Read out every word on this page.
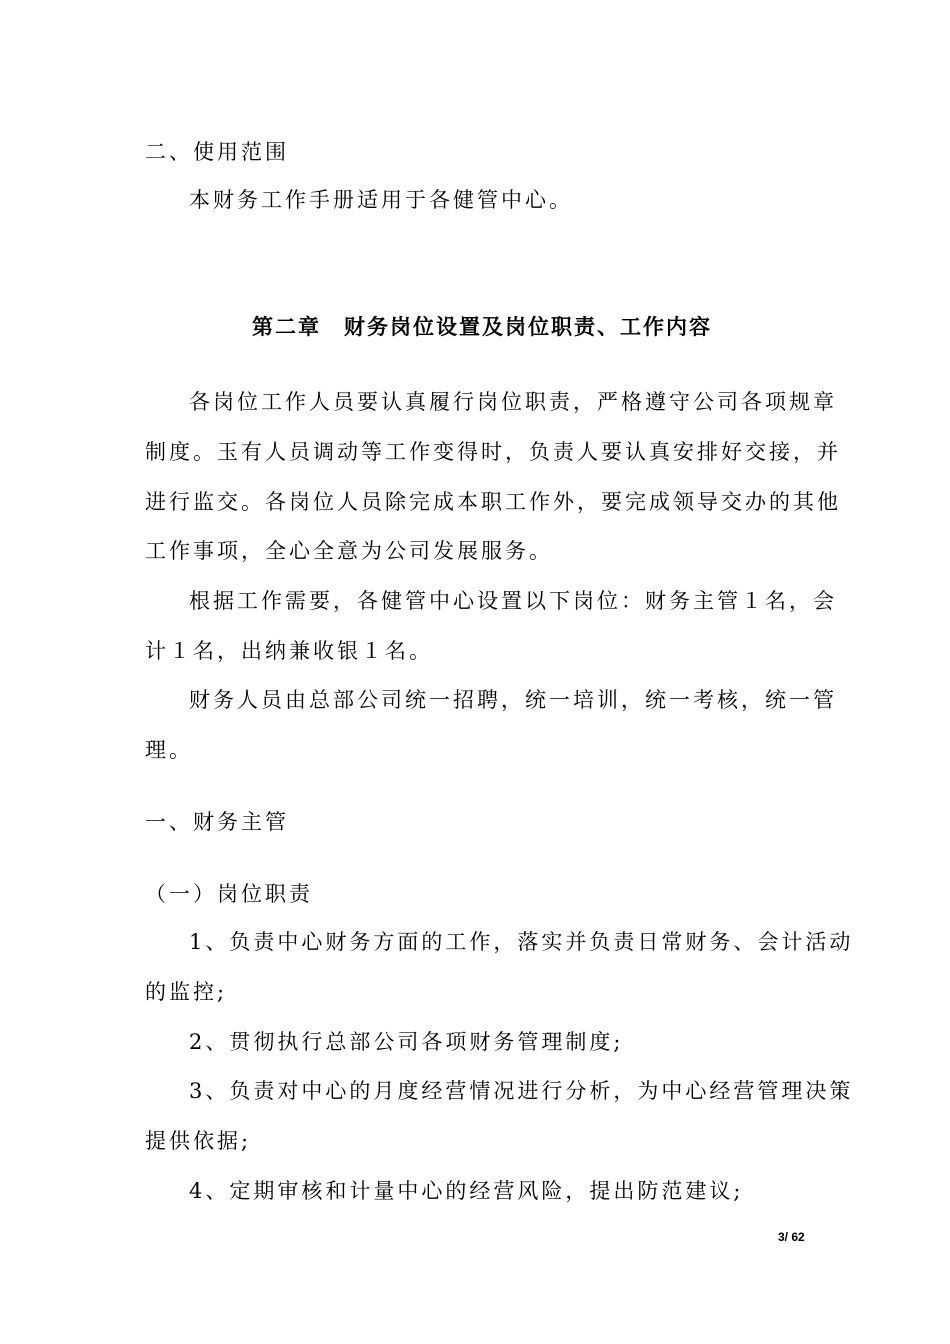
二、使用范围
本财务工作手册适用于各健管中心。
第二章　财务岗位设置及岗位职责、工作内容
各岗位工作人员要认真履行岗位职责，严格遵守公司各项规章
制度。玉有人员调动等工作变得时，负责人要认真安排好交接，并
进行监交。各岗位人员除完成本职工作外，要完成领导交办的其他
工作事项，全心全意为公司发展服务。
根据工作需要，各健管中心设置以下岗位：财务主管１名，会
计１名，出纳兼收银１名。
财务人员由总部公司统一招聘，统一培训，统一考核，统一管
理。
一、财务主管
（一）岗位职责
1、负责中心财务方面的工作，落实并负责日常财务、会计活动
的监控;
2、贯彻执行总部公司各项财务管理制度;
3、负责对中心的月度经营情况进行分析，为中心经营管理决策
提供依据;
4、定期审核和计量中心的经营风险，提出防范建议;
3/ 62
